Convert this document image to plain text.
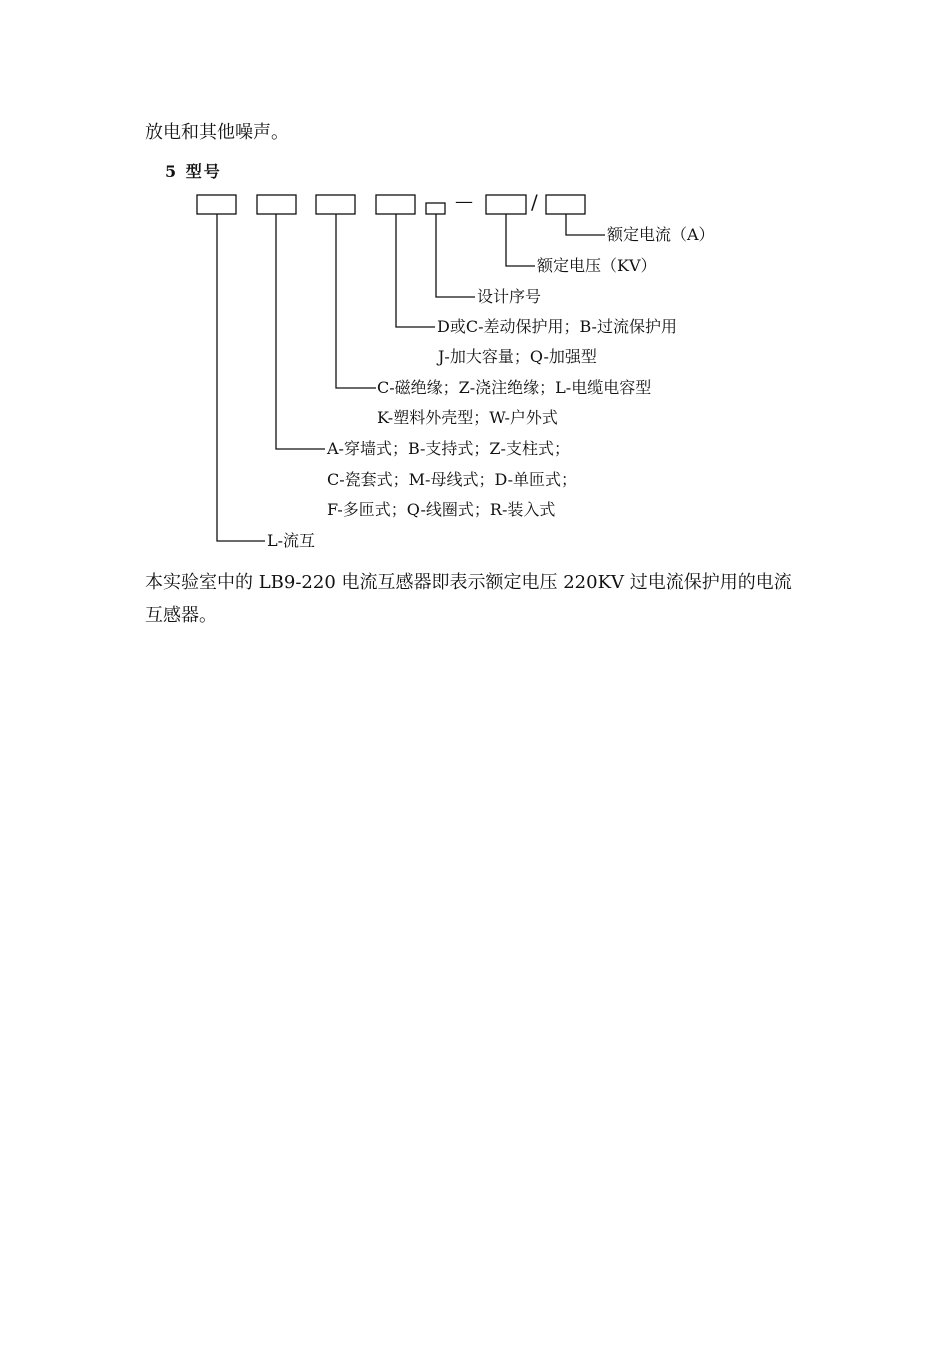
放电和其他噪声。
5 型号
—	/
额定电流（A）
额定电压（KV）
设计序号
D或C-差动保护用；B-过流保护用
J-加大容量；Q-加强型
C-磁绝缘；Z-浇注绝缘；L-电缆电容型
K-塑料外壳型；W-户外式
A-穿墙式；B-支持式；Z-支柱式；
C-瓷套式；M-母线式；D-单匝式；
F-多匝式；Q-线圈式；R-装入式
L-流互
本实验室中的 LB9-220 电流互感器即表示额定电压 220KV 过电流保护用的电流
互感器。
